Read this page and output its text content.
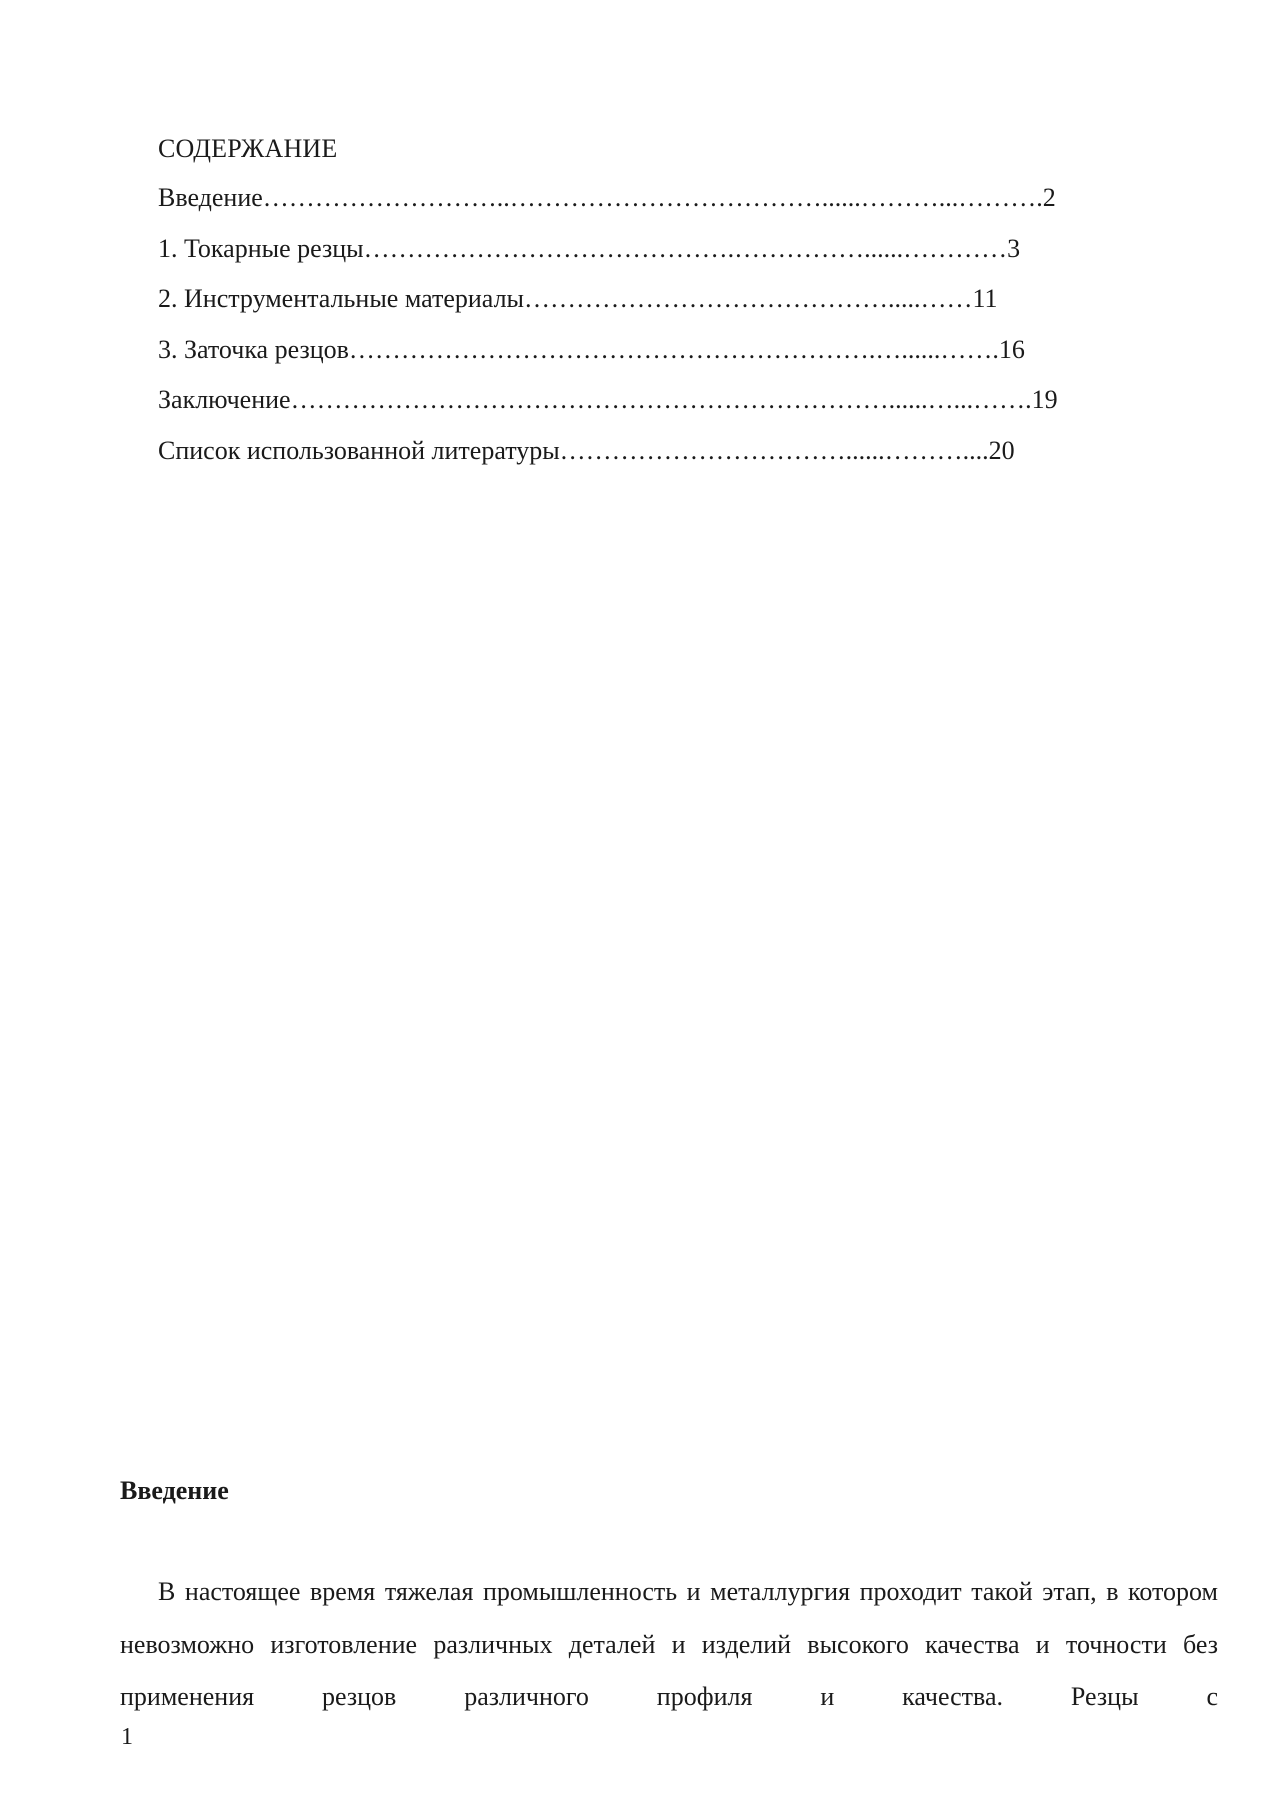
СОДЕРЖАНИЕ
Введение………………………..………………………………......………...……….2
1. Токарные резцы…………………………………….……………......…………3
2. Инструментальные материалы…………………………………….....……11
3. Заточка резцов…………………………………………………….…......…….16
Заключение……………………………………………………………......…...…….19
Список использованной литературы……………………………......………....20
Введение

В настоящее время тяжелая промышленность и металлургия проходит такой этап, в котором невозможно изготовление различных деталей и изделий высокого качества и точности без применения резцов различного профиля и качества. Резцы с

1
